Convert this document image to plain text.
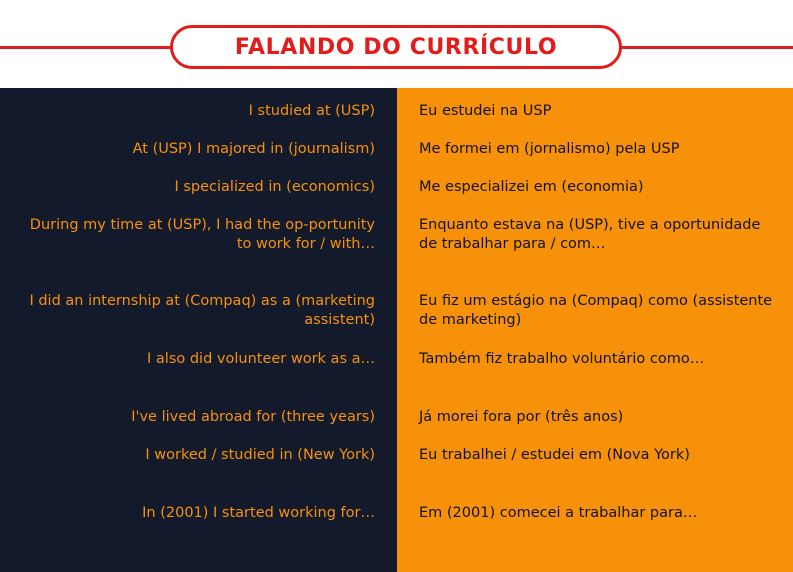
FALANDO DO CURRÍCULO
I studied at (USP)
At (USP) I majored in (journalism)
I specialized in (economics)
During my time at (USP), I had the op-portunity to work for / with…
I did an internship at (Compaq) as a (marketing assistent)
I also did volunteer work as a…
I've lived abroad for (three years)
I worked / studied in (New York)
In (2001) I started working for…
Eu estudei na USP
Me formei em (jornalismo) pela USP
Me especializei em (economia)
Enquanto estava na (USP), tive a oportunidade de trabalhar para / com…
Eu fiz um estágio na (Compaq) como (assistente de marketing)
Também fiz trabalho voluntário como…
Já morei fora por (três anos)
Eu trabalhei / estudei em (Nova York)
Em (2001) comecei a trabalhar para…
